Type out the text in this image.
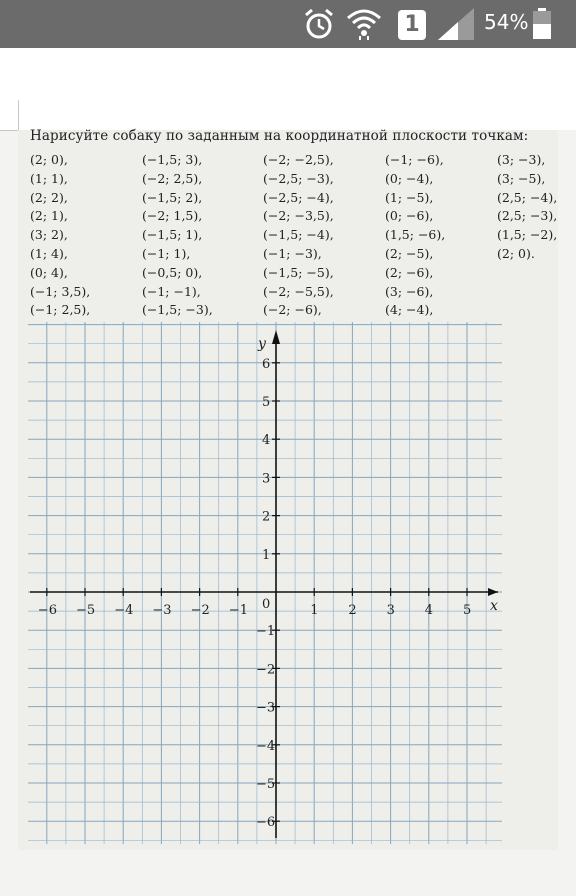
1	54%
Нарисуйте собаку по заданным на координатной плоскости точкам:
(2; 0),
(1; 1),
(2; 2),
(2; 1),
(3; 2),
(1; 4),
(0; 4),
(−1; 3,5),
(−1; 2,5),
(−1,5; 3),
(−2; 2,5),
(−1,5; 2),
(−2; 1,5),
(−1,5; 1),
(−1; 1),
(−0,5; 0),
(−1; −1),
(−1,5; −3),
(−2; −2,5),
(−2,5; −3),
(−2,5; −4),
(−2; −3,5),
(−1,5; −4),
(−1; −3),
(−1,5; −5),
(−2; −5,5),
(−2; −6),
(−1; −6),
(0; −4),
(1; −5),
(0; −6),
(1,5; −6),
(2; −5),
(2; −6),
(3; −6),
(4; −4),
(3; −3),
(3; −5),
(2,5; −4),
(2,5; −3),
(1,5; −2),
(2; 0).
x
y
0
−6 −5 −4 −3 −2 −1	1 2 3 4 5
6
5
4
3
2
1
−1
−2
−3
−4
−5
−6
